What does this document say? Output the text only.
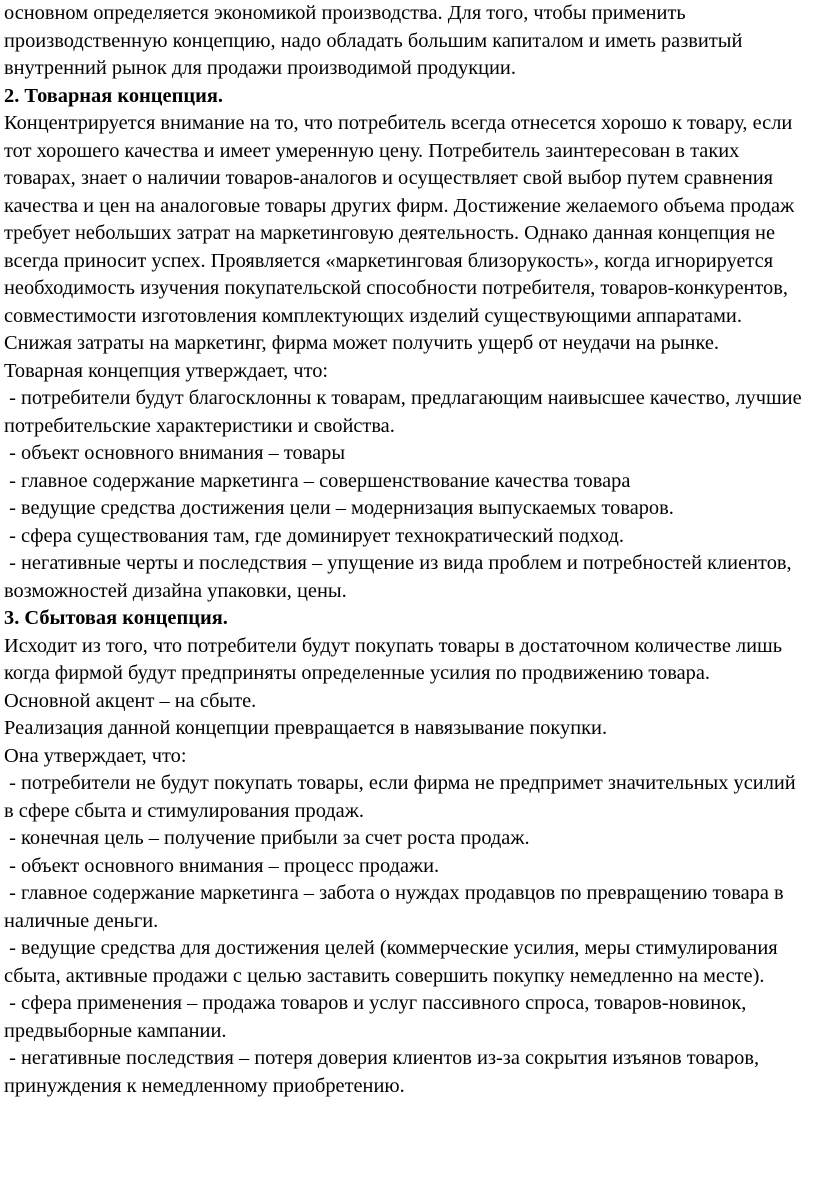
основном определяется экономикой производства. Для того, чтобы применить производственную концепцию, надо обладать большим капиталом и иметь развитый внутренний рынок для продажи производимой продукции.

2. Товарная концепция.

Концентрируется внимание на то, что потребитель всегда отнесется хорошо к товару, если тот хорошего качества и имеет умеренную цену. Потребитель заинтересован в таких товарах, знает о наличии товаров-аналогов и осуществляет свой выбор путем сравнения качества и цен на аналоговые товары других фирм. Достижение желаемого объема продаж требует небольших затрат на маркетинговую деятельность. Однако данная концепция не всегда приносит успех. Проявляется «маркетинговая близорукость», когда игнорируется необходимость изучения покупательской способности потребителя, товаров-конкурентов, совместимости изготовления комплектующих изделий существующими аппаратами. Снижая затраты на маркетинг, фирма может получить ущерб от неудачи на рынке.

Товарная концепция утверждает, что:

- потребители будут благосклонны к товарам, предлагающим наивысшее качество, лучшие потребительские характеристики и свойства.

- объект основного внимания – товары

- главное содержание маркетинга – совершенствование качества товара

- ведущие средства достижения цели – модернизация выпускаемых товаров.

- сфера существования там, где доминирует технократический подход.

- негативные черты и последствия – упущение из вида проблем и потребностей клиентов, возможностей дизайна упаковки, цены.

3. Сбытовая концепция.

Исходит из того, что потребители будут покупать товары в достаточном количестве лишь когда фирмой будут предприняты определенные усилия по продвижению товара.

Основной акцент – на сбыте.

Реализация данной концепции превращается в навязывание покупки.

Она утверждает, что:

- потребители не будут покупать товары, если фирма не предпримет значительных усилий в сфере сбыта и стимулирования продаж.

- конечная цель – получение прибыли за счет роста продаж.

- объект основного внимания – процесс продажи.

- главное содержание маркетинга – забота о нуждах продавцов по превращению товара в наличные деньги.

- ведущие средства для достижения целей (коммерческие усилия, меры стимулирования сбыта, активные продажи с целью заставить совершить покупку немедленно на месте).

- сфера применения – продажа товаров и услуг пассивного спроса, товаров-новинок, предвыборные кампании.

- негативные последствия – потеря доверия клиентов из-за сокрытия изъянов товаров, принуждения к немедленному приобретению.
